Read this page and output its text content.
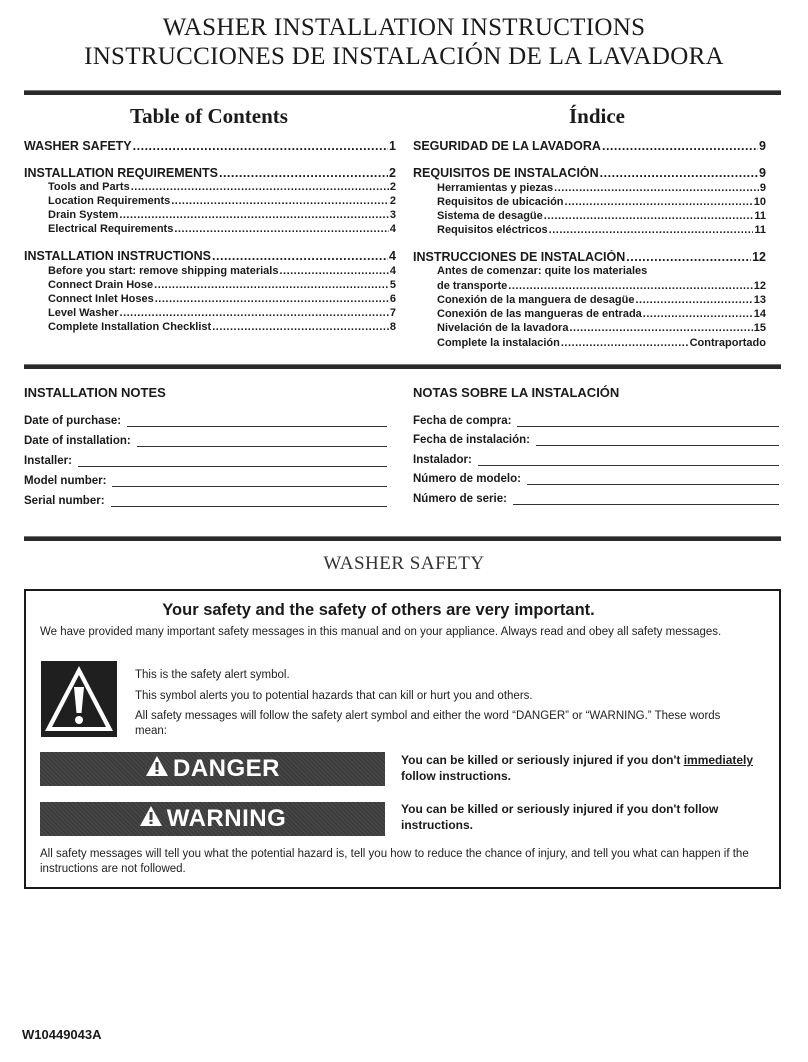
WASHER INSTALLATION INSTRUCTIONS
INSTRUCCIONES DE INSTALACIÓN DE LA LAVADORA
Table of Contents	Índice
WASHER SAFETY .....	1
INSTALLATION REQUIREMENTS .....	2
Tools and Parts .....	2
Location Requirements .....	2
Drain System .....	3
Electrical Requirements .....	4
INSTALLATION INSTRUCTIONS .....	4
Before you start: remove shipping materials .....	4
Connect Drain Hose .....	5
Connect Inlet Hoses .....	6
Level Washer .....	7
Complete Installation Checklist .....	8
SEGURIDAD DE LA LAVADORA .....	9
REQUISITOS DE INSTALACIÓN .....	9
Herramientas y piezas .....	9
Requisitos de ubicación .....	10
Sistema de desagüe .....	11
Requisitos eléctricos .....	11
INSTRUCCIONES DE INSTALACIÓN .....	12
Antes de comenzar: quite los materiales
de transporte .....	12
Conexión de la manguera de desagüe .....	13
Conexión de las mangueras de entrada .....	14
Nivelación de la lavadora .....	15
Complete la instalación .....	Contraportado
INSTALLATION NOTES	NOTAS SOBRE LA INSTALACIÓN
Date of purchase:
Date of installation:
Installer:
Model number:
Serial number:
Fecha de compra:
Fecha de instalación:
Instalador:
Número de modelo:
Número de serie:
WASHER SAFETY
Your safety and the safety of others are very important.
We have provided many important safety messages in this manual and on your appliance. Always read and obey all safety messages.
This is the safety alert symbol.
This symbol alerts you to potential hazards that can kill or hurt you and others.
All safety messages will follow the safety alert symbol and either the word “DANGER” or “WARNING.” These words mean:
DANGER	You can be killed or seriously injured if you don't immediately follow instructions.
WARNING	You can be killed or seriously injured if you don't follow instructions.
All safety messages will tell you what the potential hazard is, tell you how to reduce the chance of injury, and tell you what can happen if the instructions are not followed.
W10449043A
